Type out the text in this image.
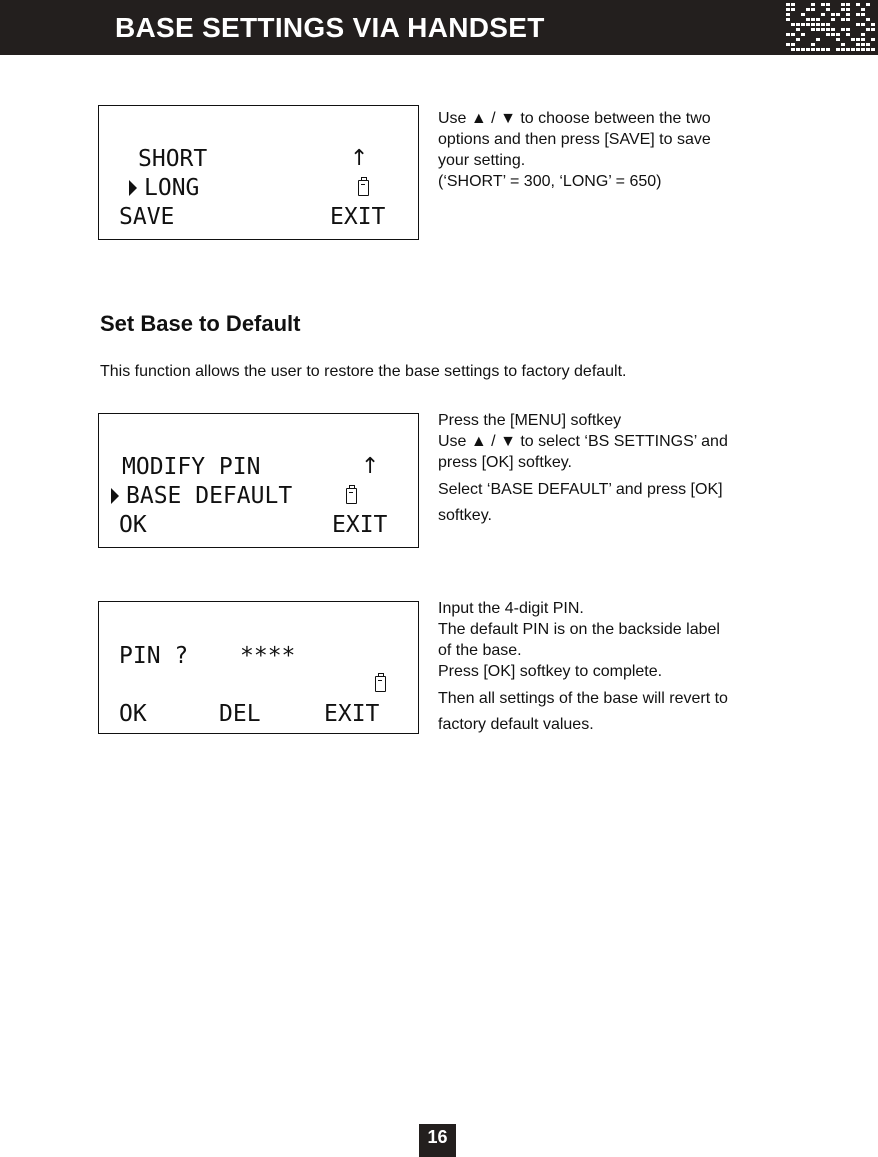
BASE SETTINGS VIA HANDSET
SHORT
LONG
SAVE	EXIT
↑

Use ▲ / ▼ to choose between the two

options and then press [SAVE] to save

your setting.

(‘SHORT’ = 300, ‘LONG’ = 650)

Set Base to Default
This function allows the user to restore the base settings to factory default.
MODIFY PIN
BASE DEFAULT
OK	EXIT
↑

Press the [MENU] softkey

Use ▲ / ▼ to select ‘BS SETTINGS’ and

press [OK] softkey.

Select ‘BASE DEFAULT’ and press [OK]

softkey.

PIN ? ****
OK	DEL	EXIT

Input the 4-digit PIN.

The default PIN is on the backside label

of the base.

Press [OK] softkey to complete.

Then all settings of the base will revert to

factory default values.

16
